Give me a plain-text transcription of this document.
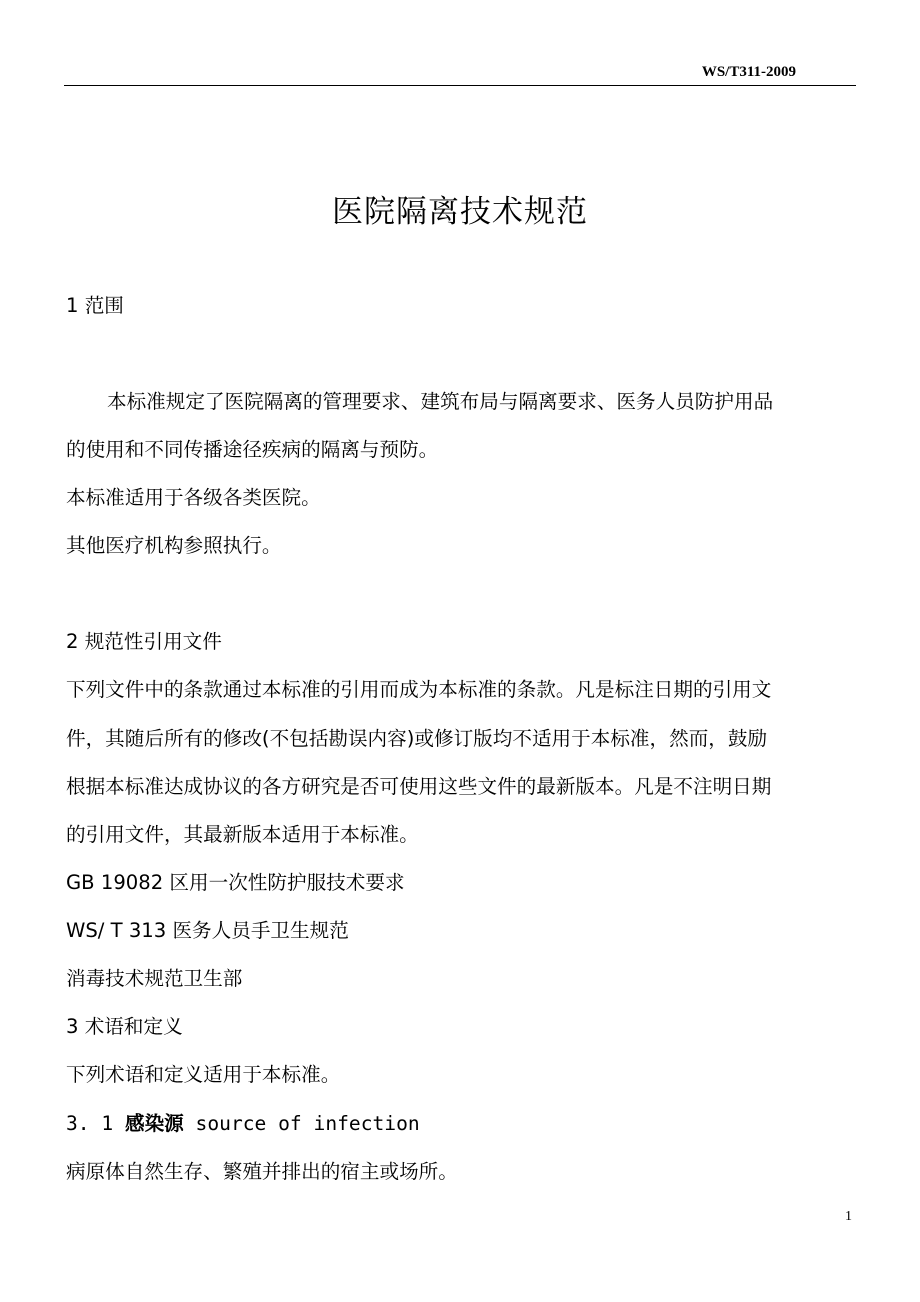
WS/T311-2009
医院隔离技术规范
1 范围
本标准规定了医院隔离的管理要求、建筑布局与隔离要求、医务人员防护用品
的使用和不同传播途径疾病的隔离与预防。
本标准适用于各级各类医院。
其他医疗机构参照执行。
2 规范性引用文件
下列文件中的条款通过本标准的引用而成为本标准的条款。凡是标注日期的引用文
件，其随后所有的修改(不包括勘误内容)或修订版均不适用于本标准，然而，鼓励
根据本标准达成协议的各方研究是否可使用这些文件的最新版本。凡是不注明日期
的引用文件，其最新版本适用于本标准。
GB 19082 区用一次性防护服技术要求
WS/ T 313 医务人员手卫生规范
消毒技术规范卫生部
3 术语和定义
下列术语和定义适用于本标准。
3. 1 感染源 source of infection
病原体自然生存、繁殖并排出的宿主或场所。
1
